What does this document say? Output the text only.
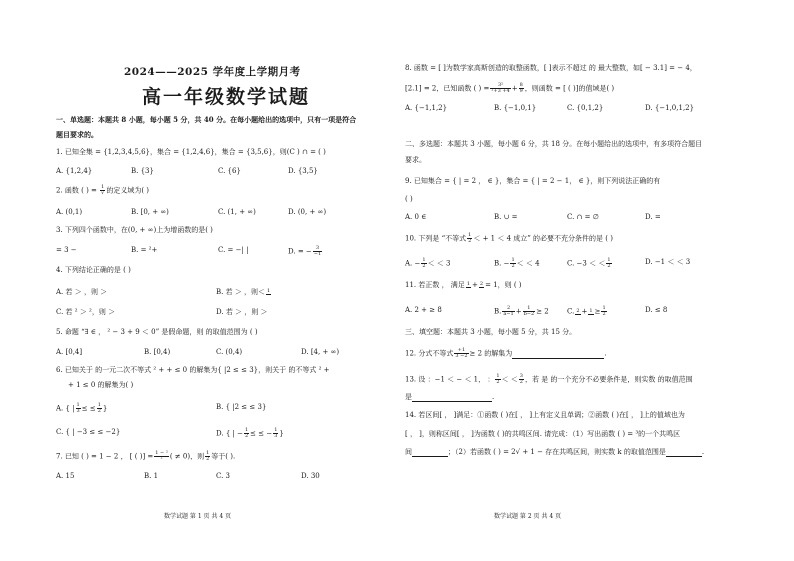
2024——2025 学年度上学期月考
高一年级数学试题
一、单选题：本题共 8 小题，每小题 5 分，共 40 分。在每小题给出的选项中，只有一项是符合
题目要求的。
1. 已知全集 = {1,2,3,4,5,6}，集合 = {1,2,4,6}，集合 = {3,5,6}，则(C ) ∩ = ( )
A. {1,2,4}	B. {3}	C. {6}	D. {3,5}
2. 函数 ( ) = $\frac{1}{√}$ 的定义域为( )
A. (0,1)	B. [0, + ∞)	C. (1, + ∞)	D. (0, + ∞)
3. 下列四个函数中，在(0, + ∞)上为增函数的是( )
= 3 −	B. = ²+	C. = −| |	D. = − $\frac{3}{-1}$
4. 下列结论正确的是 ( )
A. 若 ＞ ，则 ＞	B. 若 ＞ ，则＜ 1
C. 若 ² ＞ ²，则 ＞	D. 若 ＞ ，则 ＞
5. 命题 “∃ ∈ ， ² − 3 + 9 ＜ 0” 是假命题，则 的取值范围为 ( )
A. [0,4]	B. [0,4)	C. (0,4)	D. [4, + ∞)
6. 已知关于 的一元二次不等式 ² + + ≤ 0 的解集为{ |2 ≤ ≤ 3}，则关于 的不等式 ² +
+ 1 ≤ 0 的解集为( )
A. { | $\frac{1}{3}$ ≤ ≤ $\frac{1}{2}$ }	B. { |2 ≤ ≤ 3}
C. { | −3 ≤ ≤ −2}	D. { | − $\frac{1}{2}$ ≤ ≤ − $\frac{1}{3}$ }
7. 已知 ( ) = 1 − 2 ， [ ( )] = $\frac{\text{1 − ²}}{\text{²}}$ ( ≠ 0)，则 $\frac{1}{2}$ 等于( ).
A. 15	B. 1	C. 3	D. 30
数学试题 第 1 页 共 4 页
8. 函数 = [ ]为数学家高斯创造的取整函数，[ ]表示不超过 的 最大整数，如[ − 3.1] = − 4，
[2.1] = 2，已知函数 ( ) = $\frac{\text{3²}}{\text{²+3 +4}} + \frac{8}{9}$ ，则函数 = [ ( )]的值域是( )
A. {−1,1,2}	B. {−1,0,1}	C. {0,1,2}	D. {−1,0,1,2}
二、多选题：本题共 3 小题，每小题 6 分，共 18 分。在每小题给出的选项中，有多项符合题目
要求。
9. 已知集合 = { | = 2 ， ∈ }，集合 = { | = 2 − 1， ∈ }，则下列说法正确的有
( )
A. 0 ∈	B. ∪ =	C. ∩ = ∅	D. =
10. 下列是 “不等式 $\frac{1}{2}$ ＜ + 1 ＜ 4 成立” 的必要不充分条件的是 ( )
A. − $\frac{1}{2}$ ＜ ＜ 3	B. − $\frac{1}{2}$ ＜ ＜ 4	C. −3 ＜ ＜ $\frac{1}{2}$	D. −1 ＜ ＜ 3
11. 若正数 ， 满足 1 + 2 = 1，则 ( )
A. 2 + ≥ 8	B. $\frac{2}{a-1} + \frac{1}{b-2} \ge 2$	C. $2 + 1 \ge \frac{1}{2}$	D. ≤ 8
三、填空题：本题共 3 小题，每小题 5 分，共 15 分。
12. 分式不等式 $\frac{+1}{3 -2} \ge 2$ 的解集为	.
13. 设 ：−1 ＜ − ＜ 1， ： $\frac{1}{2}$ ＜ ＜ $\frac{3}{2}$ ，若 是 的一个充分不必要条件是，则实数 的取值范围
是	.
14. 若区间[ ， ]满足：①函数 ( )在[ ， ]上有定义且单调；②函数 ( )在[ ， ]上的值域也为
[ ， ]，则称区间[ ， ]为函数 ( )的共鸣区间. 请完成：（1）写出函数 ( ) = ³的一个共鸣区
间	；（2）若函数 ( ) = 2√ + 1 − 存在共鸣区间，则实数 k 的取值范围是	.
数学试题 第 2 页 共 4 页
